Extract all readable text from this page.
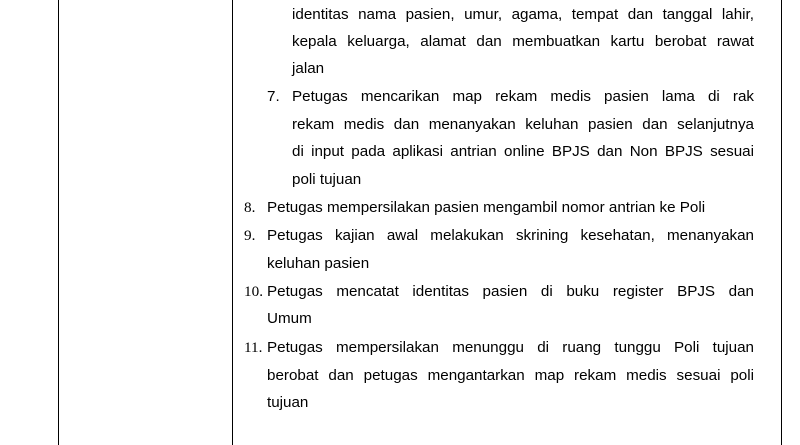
identitas nama pasien, umur, agama, tempat dan tanggal lahir,
kepala keluarga, alamat dan membuatkan kartu berobat rawat
jalan
7. Petugas mencarikan map rekam medis pasien lama di rak
rekam medis dan menanyakan keluhan pasien dan selanjutnya
di input pada aplikasi antrian online BPJS dan Non BPJS sesuai
poli tujuan
8. Petugas mempersilakan pasien mengambil nomor antrian ke Poli
9. Petugas kajian awal melakukan skrining kesehatan, menanyakan
keluhan pasien
10. Petugas mencatat identitas pasien di buku register BPJS dan
Umum
11. Petugas mempersilakan menunggu di ruang tunggu Poli tujuan
berobat dan petugas mengantarkan map rekam medis sesuai poli
tujuan
